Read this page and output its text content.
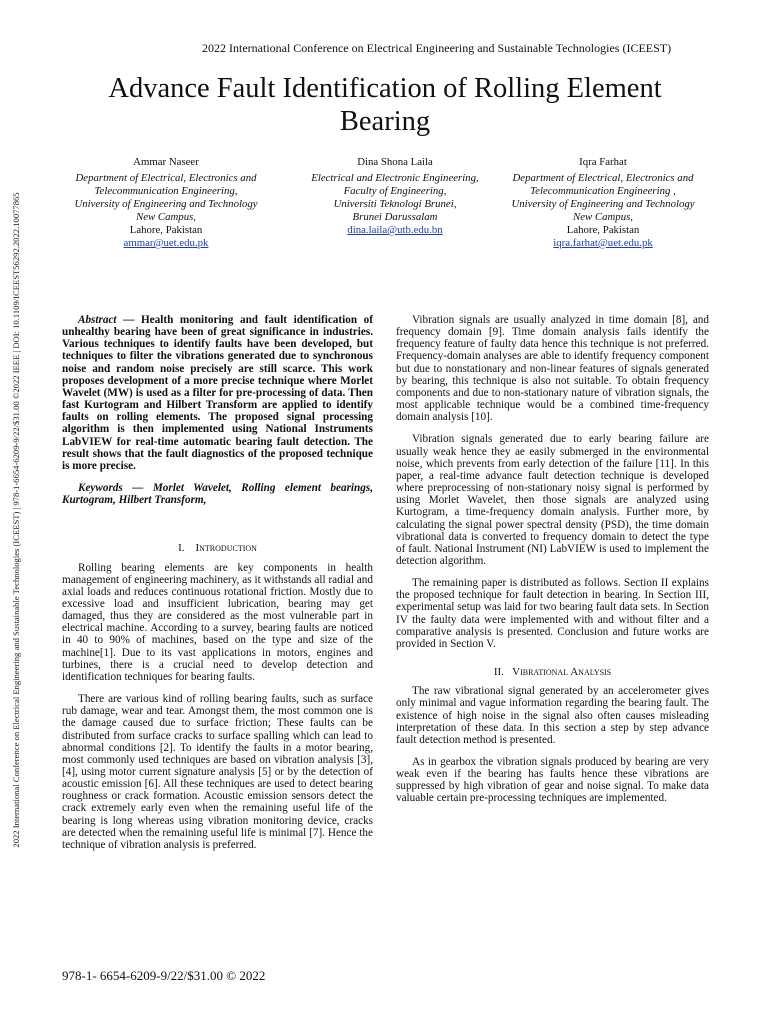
2022 International Conference on Electrical Engineering and Sustainable Technologies (ICEEST)
2022 International Conference on Electrical Engineering and Sustainable Technologies (ICEEST) | 978-1-6654-6209-9/22/$31.00 ©2022 IEEE | DOI: 10.1109/ICEEST56292.2022.10077865
Advance Fault Identification of Rolling Element
Bearing
Ammar Naseer
Department of Electrical, Electronics and
Telecommunication Engineering,
University of Engineering and Technology
New Campus,
Lahore, Pakistan
ammar@uet.edu.pk
Dina Shona Laila
Electrical and Electronic Engineering,
Faculty of Engineering,
Universiti Teknologi Brunei,
Brunei Darussalam
dina.laila@utb.edu.bn
Iqra Farhat
Department of Electrical, Electronics and
Telecommunication Engineering ,
University of Engineering and Technology
New Campus,
Lahore, Pakistan
iqra.farhat@uet.edu.pk

Abstract — Health monitoring and fault identification of unhealthy bearing have been of great significance in industries. Various techniques to identify faults have been developed, but techniques to filter the vibrations generated due to synchronous noise and random noise precisely are still scarce. This work proposes development of a more precise technique where Morlet Wavelet (MW) is used as a filter for pre-processing of data. Then fast Kurtogram and Hilbert Transform are applied to identify faults on rolling elements. The proposed signal processing algorithm is then implemented using National Instruments LabVIEW for real-time automatic bearing fault detection. The result shows that the fault diagnostics of the proposed technique is more precise.

Keywords — Morlet Wavelet, Rolling element bearings, Kurtogram, Hilbert Transform,

I. Introduction

Rolling bearing elements are key components in health management of engineering machinery, as it withstands all radial and axial loads and reduces continuous rotational friction. Mostly due to excessive load and insufficient lubrication, bearing may get damaged, thus they are considered as the most vulnerable part in electrical machine. According to a survey, bearing faults are noticed in 40 to 90% of machines, based on the type and size of the machine[1]. Due to its vast applications in motors, engines and turbines, there is a crucial need to develop detection and identification techniques for bearing faults.

There are various kind of rolling bearing faults, such as surface rub damage, wear and tear. Amongst them, the most common one is the damage caused due to surface friction; These faults can be distributed from surface cracks to surface spalling which can lead to abnormal conditions [2]. To identify the faults in a motor bearing, most commonly used techniques are based on vibration analysis [3], [4], using motor current signature analysis [5] or by the detection of acoustic emission [6]. All these techniques are used to detect bearing roughness or crack formation. Acoustic emission sensors detect the crack extremely early even when the remaining useful life of the bearing is long whereas using vibration monitoring device, cracks are detected when the remaining useful life is minimal [7]. Hence the technique of vibration analysis is preferred.

Vibration signals are usually analyzed in time domain [8], and frequency domain [9]. Time domain analysis fails identify the frequency feature of faulty data hence this technique is not preferred. Frequency-domain analyses are able to identify frequency component but due to nonstationary and non-linear features of signals generated by bearing, this technique is also not suitable. To obtain frequency components and due to non-stationary nature of vibration signals, the most applicable technique would be a combined time-frequency domain analysis [10].

Vibration signals generated due to early bearing failure are usually weak hence they ae easily submerged in the environmental noise, which prevents from early detection of the failure [11]. In this paper, a real-time advance fault detection technique is developed where preprocessing of non-stationary noisy signal is performed by using Morlet Wavelet, then those signals are analyzed using Kurtogram, a time-frequency domain analysis. Further more, by calculating the signal power spectral density (PSD), the time domain vibrational data is converted to frequency domain to detect the type of fault. National Instrument (NI) LabVIEW is used to implement the detection algorithm.

The remaining paper is distributed as follows. Section II explains the proposed technique for fault detection in bearing. In Section III, experimental setup was laid for two bearing fault data sets. In Section IV the faulty data were implemented with and without filter and a comparative analysis is presented. Conclusion and future works are provided in Section V.

II. Vibrational Analysis

The raw vibrational signal generated by an accelerometer gives only minimal and vague information regarding the bearing fault. The existence of high noise in the signal also often causes misleading interpretation of these data. In this section a step by step advance fault detection method is presented.

As in gearbox the vibration signals produced by bearing are very weak even if the bearing has faults hence these vibrations are suppressed by high vibration of gear and noise signal. To make data valuable certain pre-processing techniques are implemented.

978-1- 6654-6209-9/22/$31.00 © 2022
